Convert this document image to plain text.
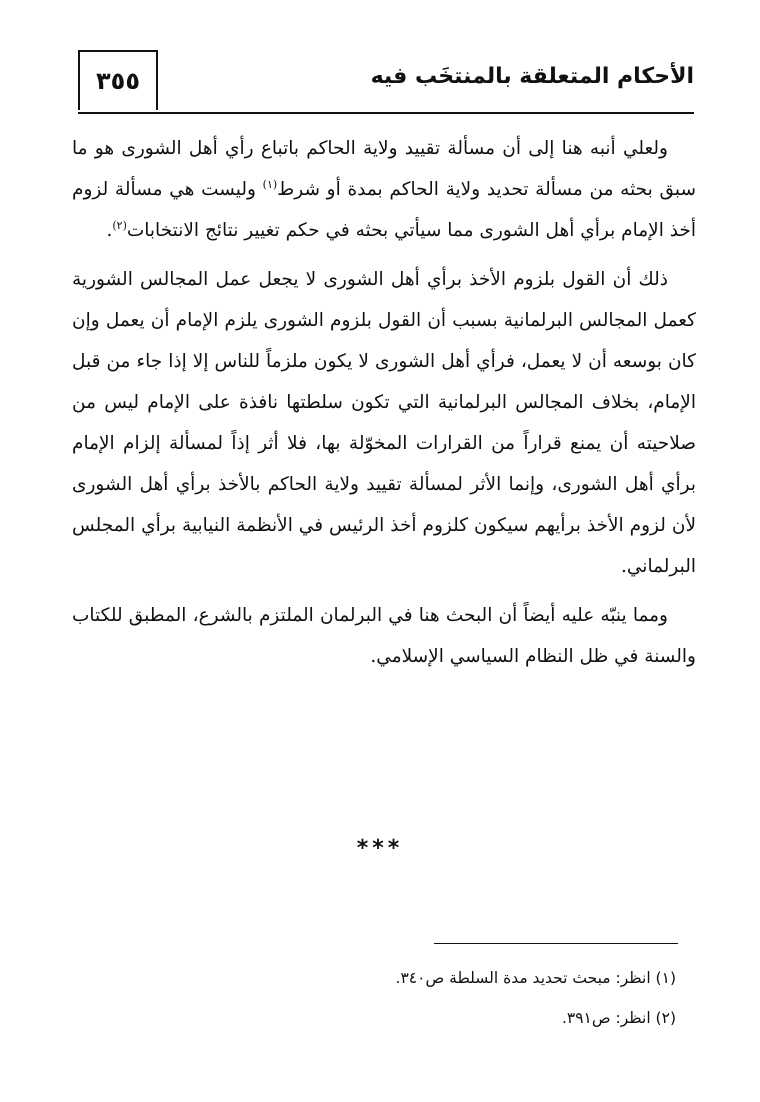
٣٥٥	الأحكام المتعلقة بالمنتخَب فيه

ولعلي أنبه هنا إلى أن مسألة تقييد ولاية الحاكم باتباع رأي أهل الشورى هو ما سبق بحثه من مسألة تحديد ولاية الحاكم بمدة أو شرط$^{(١)}$ وليست هي مسألة لزوم أخذ الإمام برأي أهل الشورى مما سيأتي بحثه في حكم تغيير نتائج الانتخابات$^{(٢)}$.

ذلك أن القول بلزوم الأخذ برأي أهل الشورى لا يجعل عمل المجالس الشورية كعمل المجالس البرلمانية بسبب أن القول بلزوم الشورى يلزم الإمام أن يعمل وإن كان بوسعه أن لا يعمل، فرأي أهل الشورى لا يكون ملزماً للناس إلا إذا جاء من قبل الإمام، بخلاف المجالس البرلمانية التي تكون سلطتها نافذة على الإمام ليس من صلاحيته أن يمنع قراراً من القرارات المخوّلة بها، فلا أثر إذاً لمسألة إلزام الإمام برأي أهل الشورى، وإنما الأثر لمسألة تقييد ولاية الحاكم بالأخذ برأي أهل الشورى لأن لزوم الأخذ برأيهم سيكون كلزوم أخذ الرئيس في الأنظمة النيابية برأي المجلس البرلماني.

ومما ينبّه عليه أيضاً أن البحث هنا في البرلمان الملتزم بالشرع، المطبق للكتاب والسنة في ظل النظام السياسي الإسلامي.

***
(١) انظر: مبحث تحديد مدة السلطة ص٣٤٠.
(٢) انظر: ص٣٩١.
